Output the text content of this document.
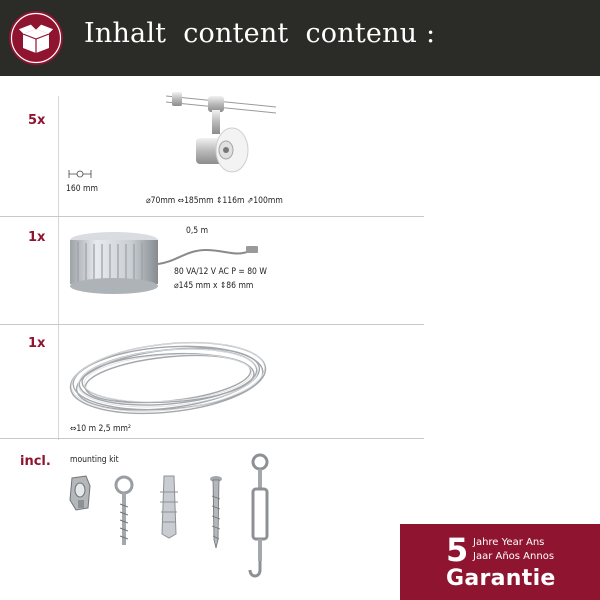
Inhalt content contenu :
5x
160 mm
⌀70mm ⇔185mm ⇕116m ⇗100mm
1x	0,5 m
80 VA/12 V AC P = 80 W
⌀145 mm x ⇕86 mm
1x
⇔10 m 2,5 mm²
incl. mounting kit
5 Jahre Year Ans
Jaar Años Annos
Garantie
